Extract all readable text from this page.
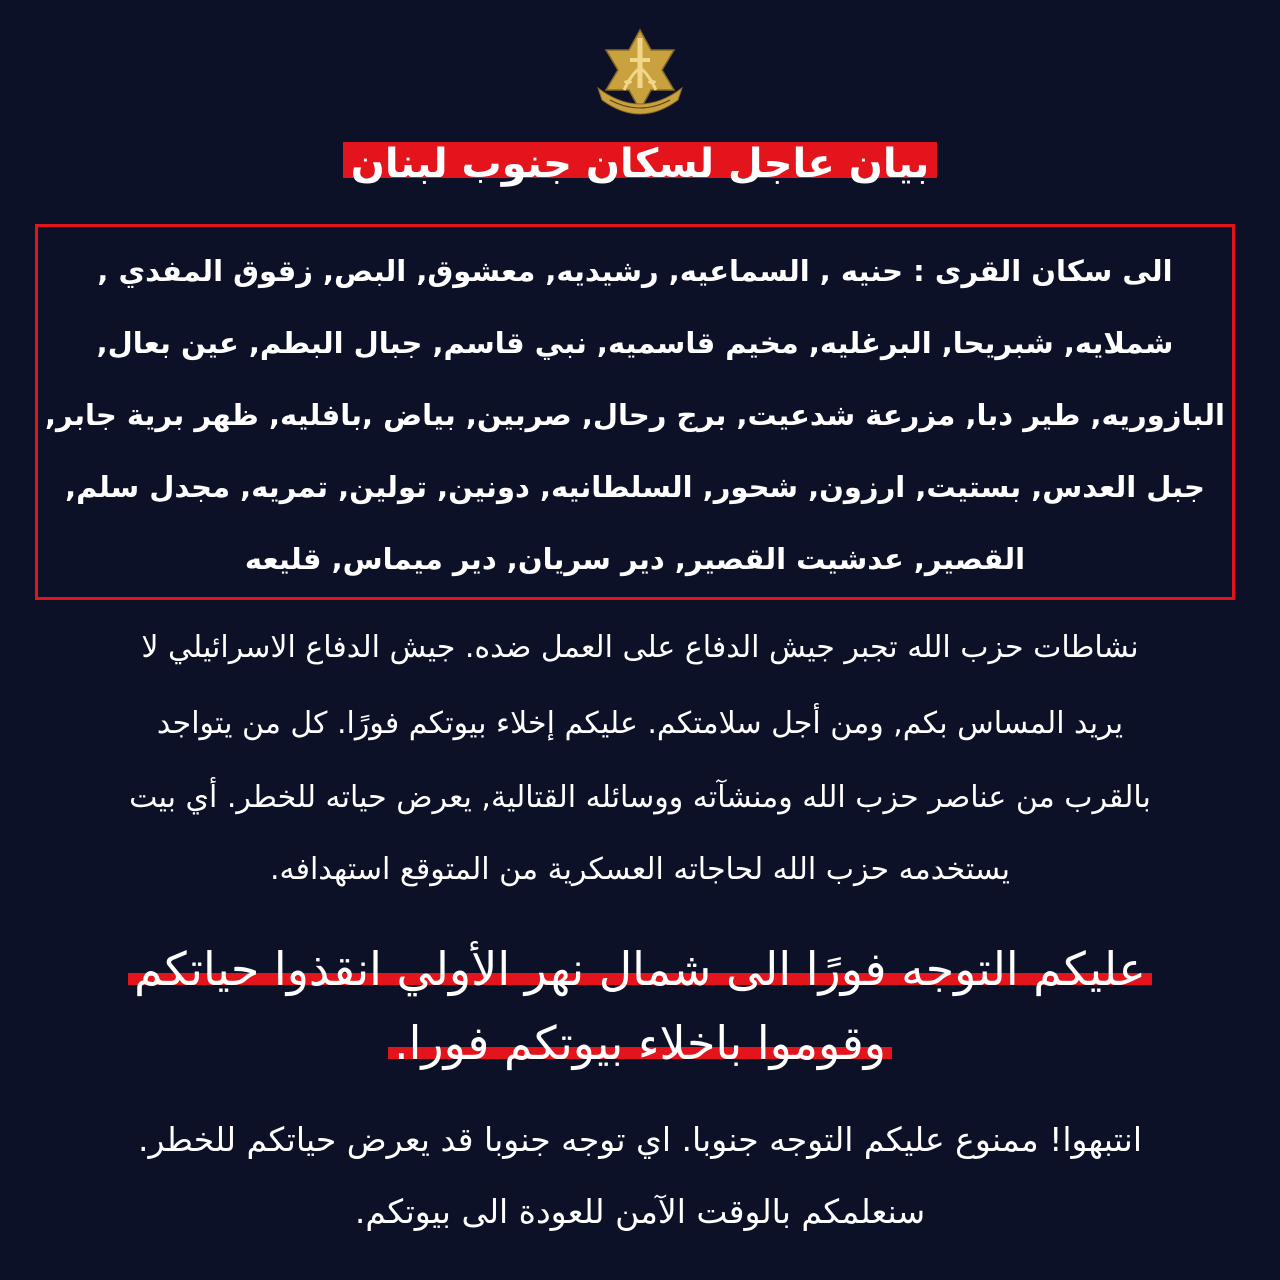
بيان عاجل لسكان جنوب لبنان
الى سكان القرى : حنيه , السماعيه, رشيديه, معشوق, البص, زقوق المفدي ,
شملايه, شبريحا, البرغليه, مخيم قاسميه, نبي قاسم, جبال البطم, عين بعال,
البازوريه, طير دبا, مزرعة شدعيت, برج رحال, صربين, بياض ,بافليه, ظهر برية جابر,
جبل العدس, بستيت, ارزون, شحور, السلطانيه, دونين, تولين, تمريه, مجدل سلم,
القصير, عدشيت القصير, دير سريان, دير ميماس, قليعه
نشاطات حزب الله تجبر جيش الدفاع على العمل ضده. جيش الدفاع الاسرائيلي لا
يريد المساس بكم, ومن أجل سلامتكم. عليكم إخلاء بيوتكم فورًا. كل من يتواجد
بالقرب من عناصر حزب الله ومنشآته ووسائله القتالية, يعرض حياته للخطر. أي بيت
يستخدمه حزب الله لحاجاته العسكرية من المتوقع استهدافه.
عليكم التوجه فورًا الى شمال نهر الأولي انقذوا حياتكم
وقوموا باخلاء بيوتكم فورا.
انتبهوا! ممنوع عليكم التوجه جنوبا. اي توجه جنوبا قد يعرض حياتكم للخطر.
سنعلمكم بالوقت الآمن للعودة الى بيوتكم.
